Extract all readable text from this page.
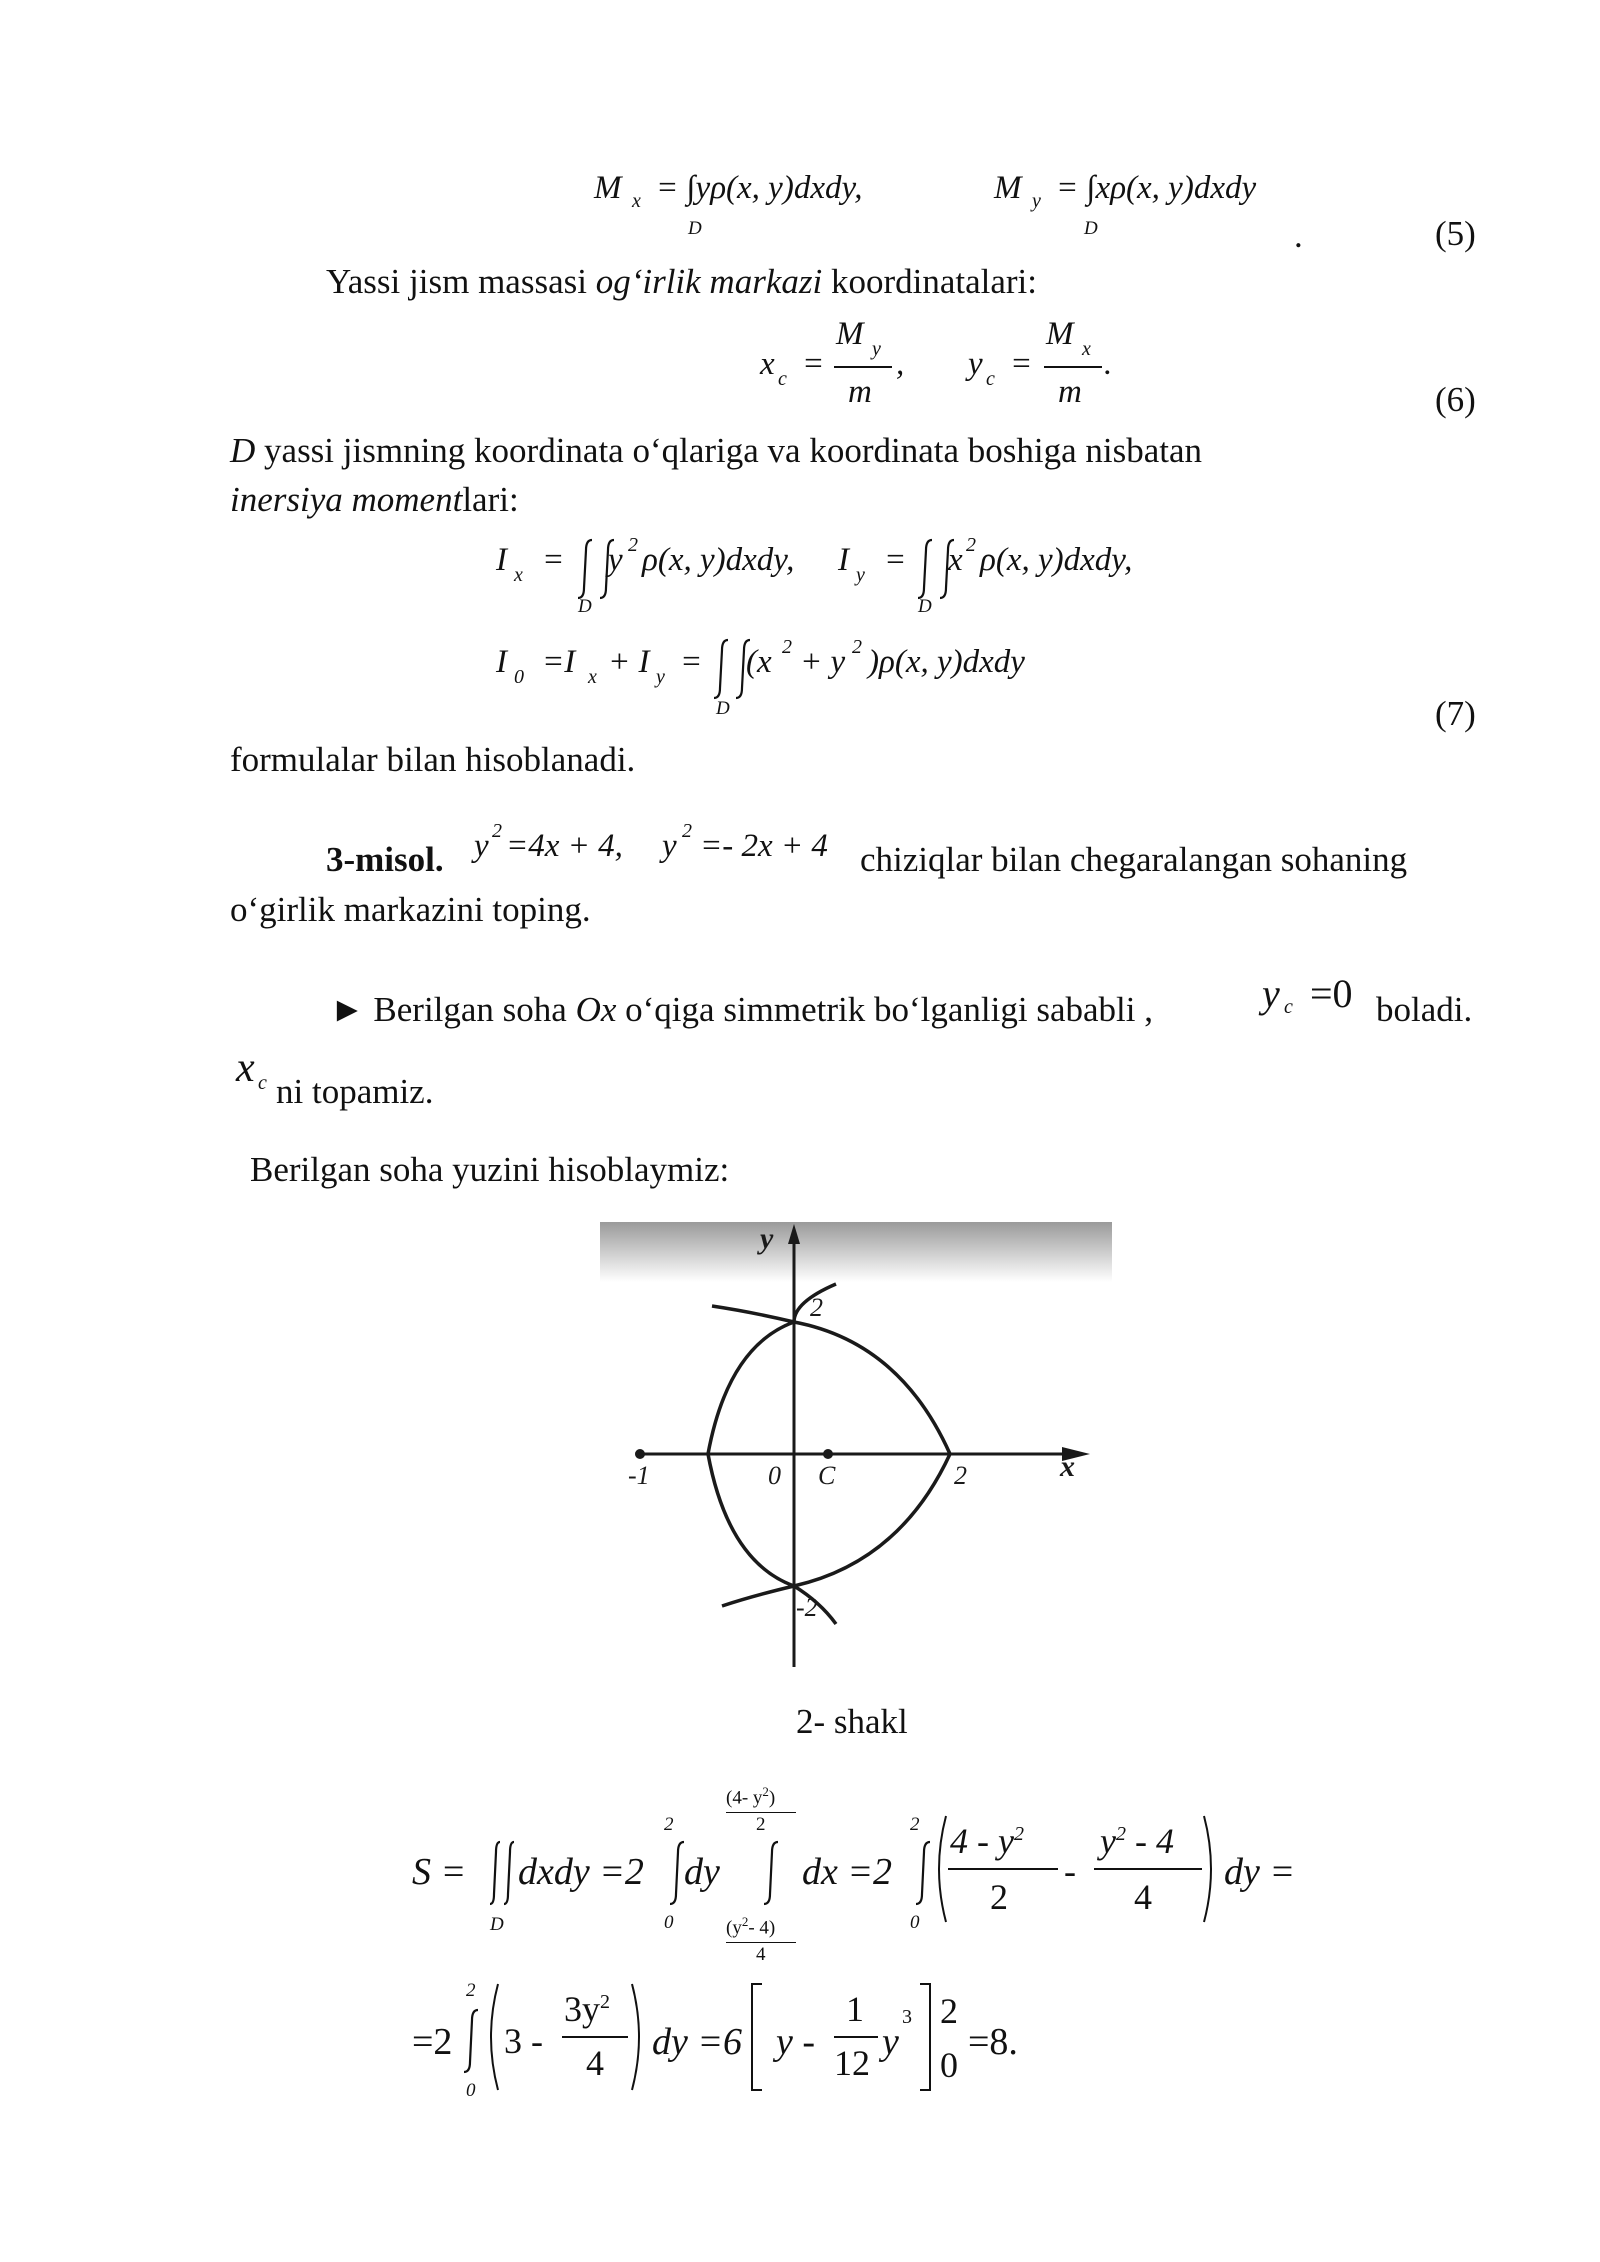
M x = ∫yρ(x, y)dxdy,
D
M y = ∫xρ(x, y)dxdy
D	.	(5)
Yassi jism massasi og‘irlik markazi koordinatalari:
x c =
M y
m
, y c =
M x
m
.
(6)
D yassi jismning koordinata o‘qlariga va koordinata boshiga nisbatan
inersiya momentlari:
I x =
D
y 2 ρ(x, y)dxdy, I y =
D
x 2 ρ(x, y)dxdy,
I 0 =I x + I y =
D
(x 2 + y 2 )ρ(x, y)dxdy
(7)
formulalar bilan hisoblanadi.
3-misol. y 2 =4x + 4, y 2 =- 2x + 4 chiziqlar bilan chegaralangan sohaning
o‘girlik markazini toping.
► Berilgan soha Ox o‘qiga simmetrik bo‘lganligi sababli ,	y c =0 boladi.
x c ni topamiz.
Berilgan soha yuzini hisoblaymiz:
y
x
2
-1	0 C	2
-2
2- shakl
S =
D
dxdy =2
2
0
dy
(4- $y^2$)
2
($y^2-$ 4)
4
dx =2
2
0
$4 - y^2$
2
-
$y^2 - 4$
4
dy =
=2
2
0
3 -
$3y^2$
4 dy =6 y -
1
12 y
3 2
0
=8.
